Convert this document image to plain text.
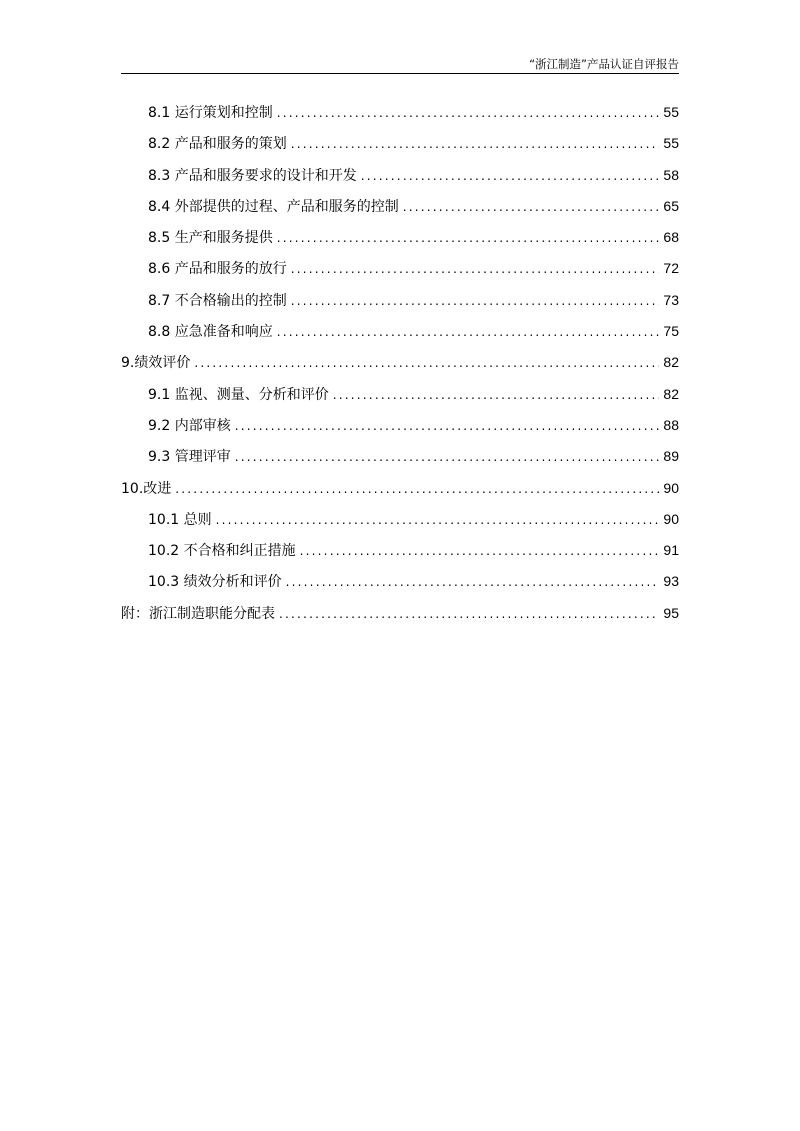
“浙江制造”产品认证自评报告
8.1 运行策划和控制 .....	55
8.2 产品和服务的策划 .....	55
8.3 产品和服务要求的设计和开发 .....	58
8.4 外部提供的过程、产品和服务的控制 .....	65
8.5 生产和服务提供 .....	68
8.6 产品和服务的放行 .....	72
8.7 不合格输出的控制 .....	73
8.8 应急准备和响应 .....	75
9.绩效评价 .....	82
9.1 监视、测量、分析和评价 .....	82
9.2 内部审核 .....	88
9.3 管理评审 .....	89
10.改进 .....	90
10.1 总则 .....	90
10.2 不合格和纠正措施 .....	91
10.3 绩效分析和评价 .....	93
附：浙江制造职能分配表 .....	95
